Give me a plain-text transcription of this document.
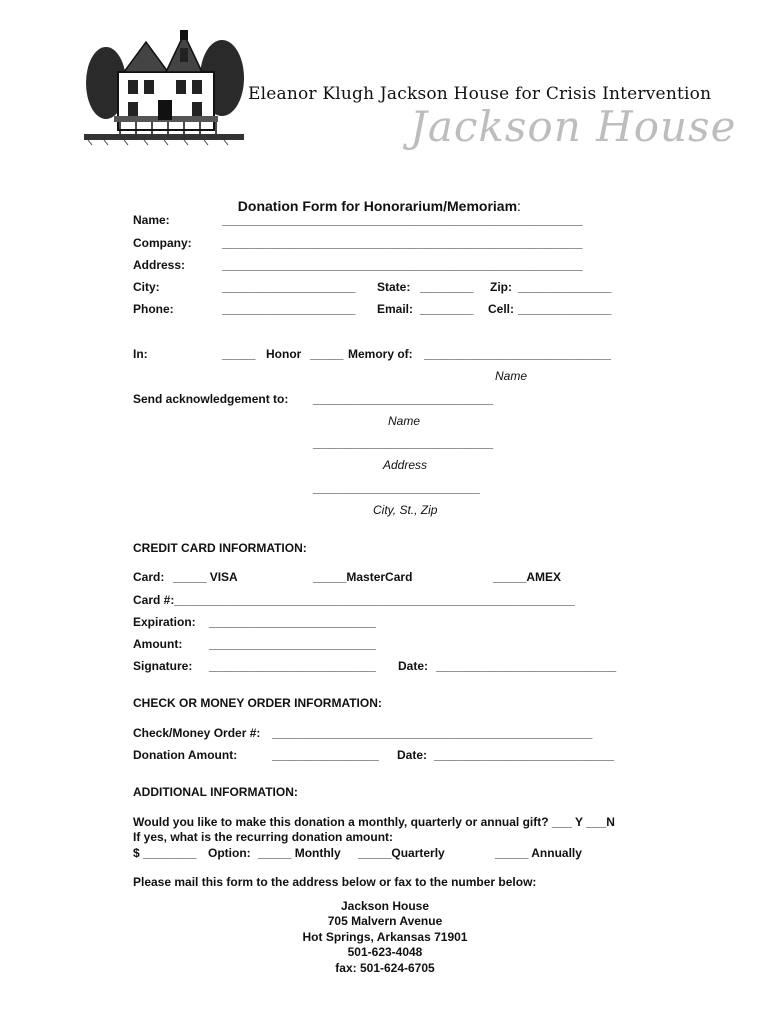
Eleanor Klugh Jackson House for Crisis Intervention
Jackson House

Donation Form for Honorarium/Memoriam:

Name:	______________________________________________________
Company:	______________________________________________________
Address:	______________________________________________________
City:	____________________ State: ________ Zip: ______________
Phone:	____________________ Email: ________ Cell: ______________
In:	_____ Honor _____ Memory of: ____________________________
Name
Send acknowledgement to: ___________________________
Name
___________________________
Address
_________________________
City, St., Zip
CREDIT CARD INFORMATION:
Card: _____ VISA	_____MasterCard	_____AMEX
Card #:____________________________________________________________
Expiration: _________________________
Amount: _________________________
Signature: _________________________ Date: ___________________________
CHECK OR MONEY ORDER INFORMATION:
Check/Money Order #: ________________________________________________
Donation Amount:	________________ Date: ___________________________
ADDITIONAL INFORMATION:
Would you like to make this donation a monthly, quarterly or annual gift? ___ Y ___N
If yes, what is the recurring donation amount:
$ ________ Option: _____ Monthly _____Quarterly	_____ Annually
Please mail this form to the address below or fax to the number below:
Jackson House
705 Malvern Avenue
Hot Springs, Arkansas 71901
501-623-4048
fax: 501-624-6705
